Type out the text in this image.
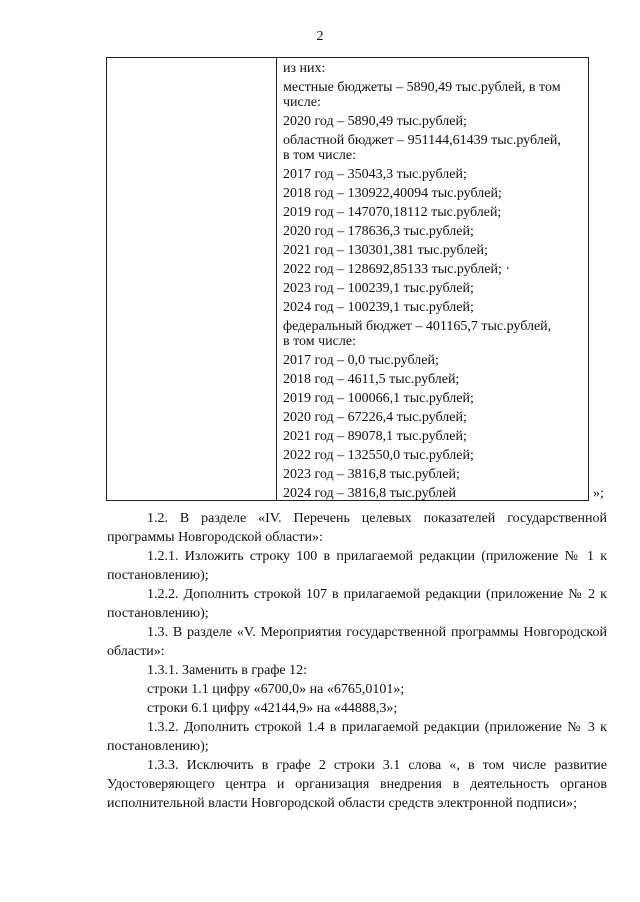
2
из них:
местные бюджеты – 5890,49 тыс.рублей, в том
числе:
2020 год – 5890,49 тыс.рублей;
областной бюджет – 951144,61439 тыс.рублей,
в том числе:
2017 год – 35043,3 тыс.рублей;
2018 год – 130922,40094 тыс.рублей;
2019 год – 147070,18112 тыс.рублей;
2020 год – 178636,3 тыс.рублей;
2021 год – 130301,381 тыс.рублей;
2022 год – 128692,85133 тыс.рублей; ·
2023 год – 100239,1 тыс.рублей;
2024 год – 100239,1 тыс.рублей;
федеральный бюджет – 401165,7 тыс.рублей,
в том числе:
2017 год – 0,0 тыс.рублей;
2018 год – 4611,5 тыс.рублей;
2019 год – 100066,1 тыс.рублей;
2020 год – 67226,4 тыс.рублей;
2021 год – 89078,1 тыс.рублей;
2022 год – 132550,0 тыс.рублей;
2023 год – 3816,8 тыс.рублей;
2024 год – 3816,8 тыс.рублей	»;

1.2. В разделе «IV. Перечень целевых показателей государственной программы Новгородской области»:

1.2.1. Изложить строку 100 в прилагаемой редакции (приложение № 1 к постановлению);

1.2.2. Дополнить строкой 107 в прилагаемой редакции (приложение № 2 к постановлению);

1.3. В разделе «V. Мероприятия государственной программы Новгородской области»:

1.3.1. Заменить в графе 12:

строки 1.1 цифру «6700,0» на «6765,0101»;

строки 6.1 цифру «42144,9» на «44888,3»;

1.3.2. Дополнить строкой 1.4 в прилагаемой редакции (приложение № 3 к постановлению);

1.3.3. Исключить в графе 2 строки 3.1 слова «, в том числе развитие Удостоверяющего центра и организация внедрения в деятельность органов исполнительной власти Новгородской области средств электронной подписи»;
